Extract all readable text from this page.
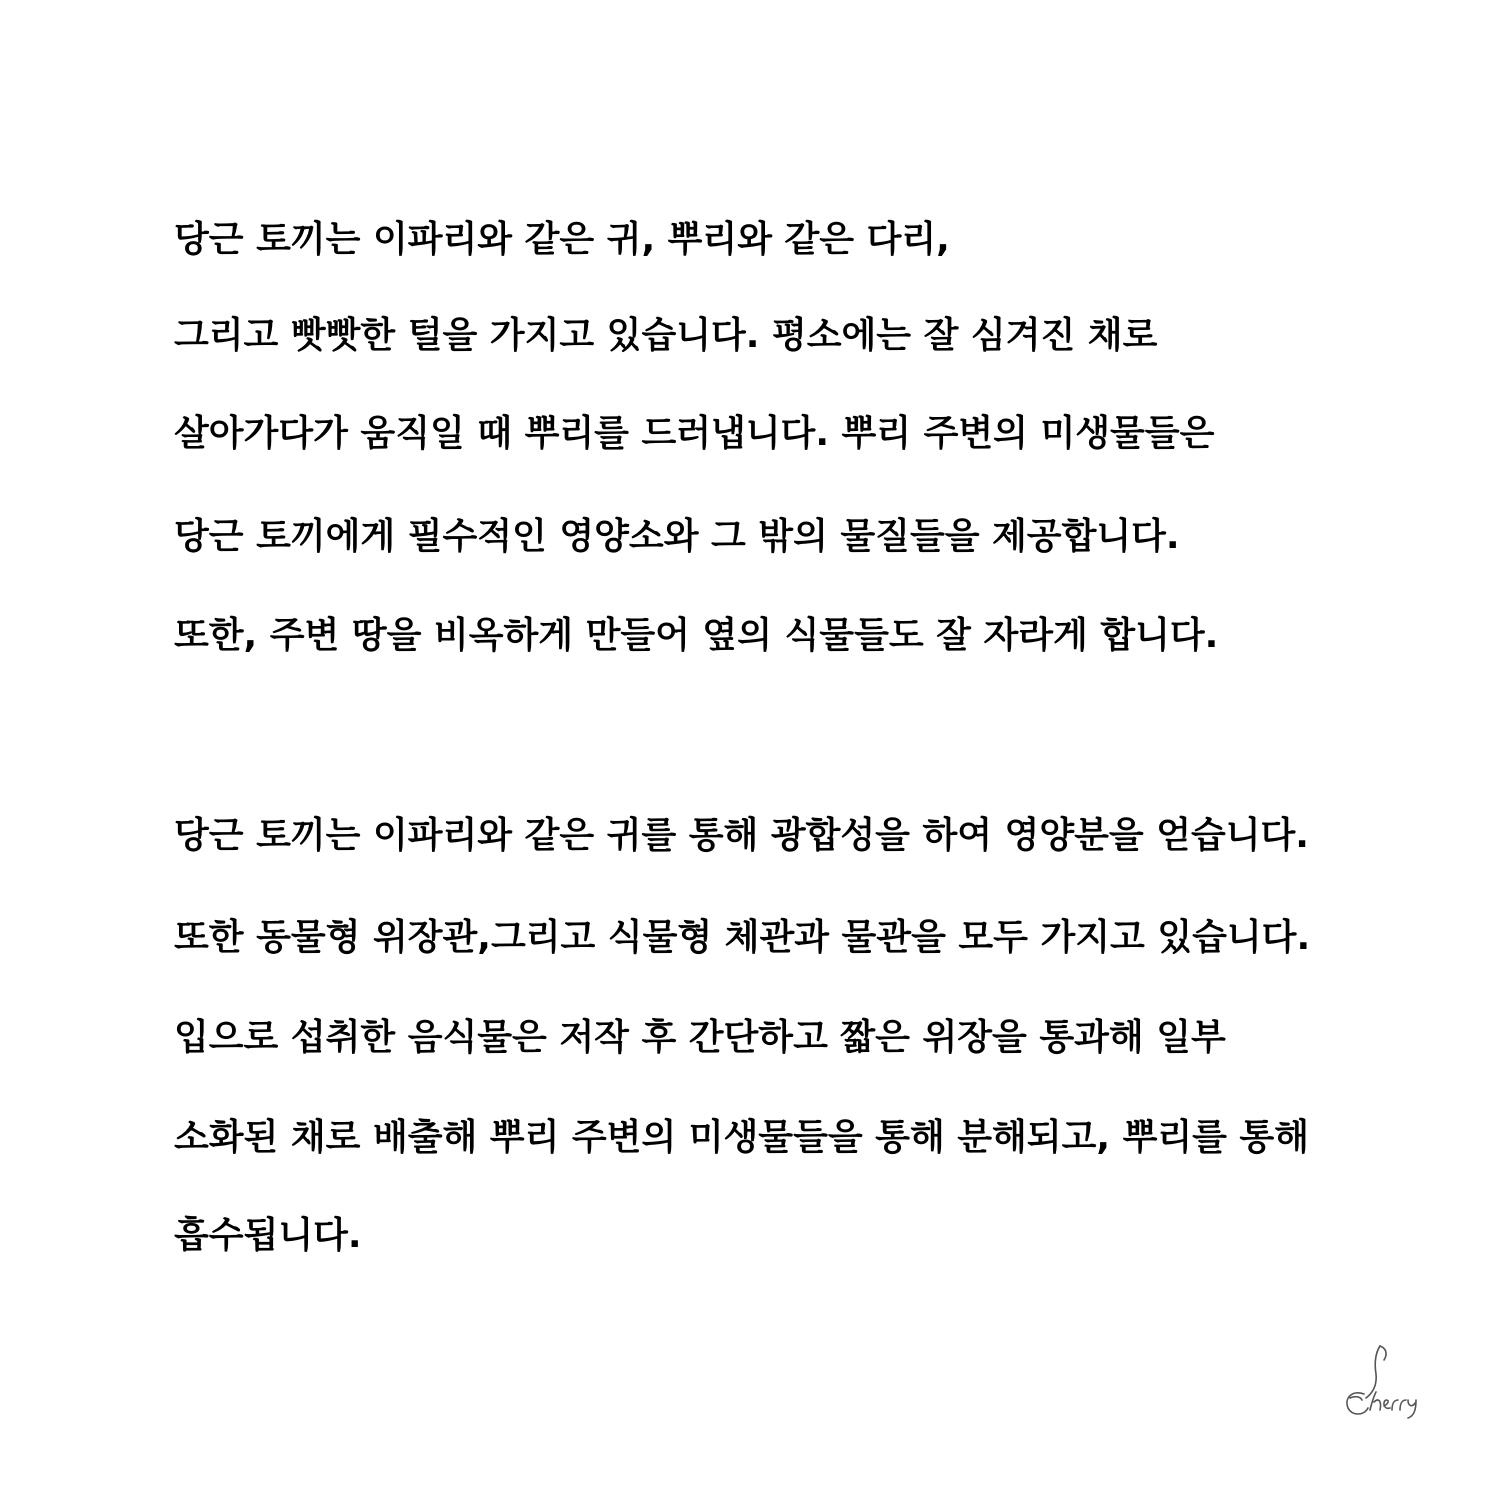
당근 토끼는 이파리와 같은 귀, 뿌리와 같은 다리,

그리고 빳빳한 털을 가지고 있습니다. 평소에는 잘 심겨진 채로

살아가다가 움직일 때 뿌리를 드러냅니다. 뿌리 주변의 미생물들은

당근 토끼에게 필수적인 영양소와 그 밖의 물질들을 제공합니다.

또한, 주변 땅을 비옥하게 만들어 옆의 식물들도 잘 자라게 합니다.

당근 토끼는 이파리와 같은 귀를 통해 광합성을 하여 영양분을 얻습니다.

또한 동물형 위장관,그리고 식물형 체관과 물관을 모두 가지고 있습니다.

입으로 섭취한 음식물은 저작 후 간단하고 짧은 위장을 통과해 일부

소화된 채로 배출해 뿌리 주변의 미생물들을 통해 분해되고, 뿌리를 통해

흡수됩니다.
